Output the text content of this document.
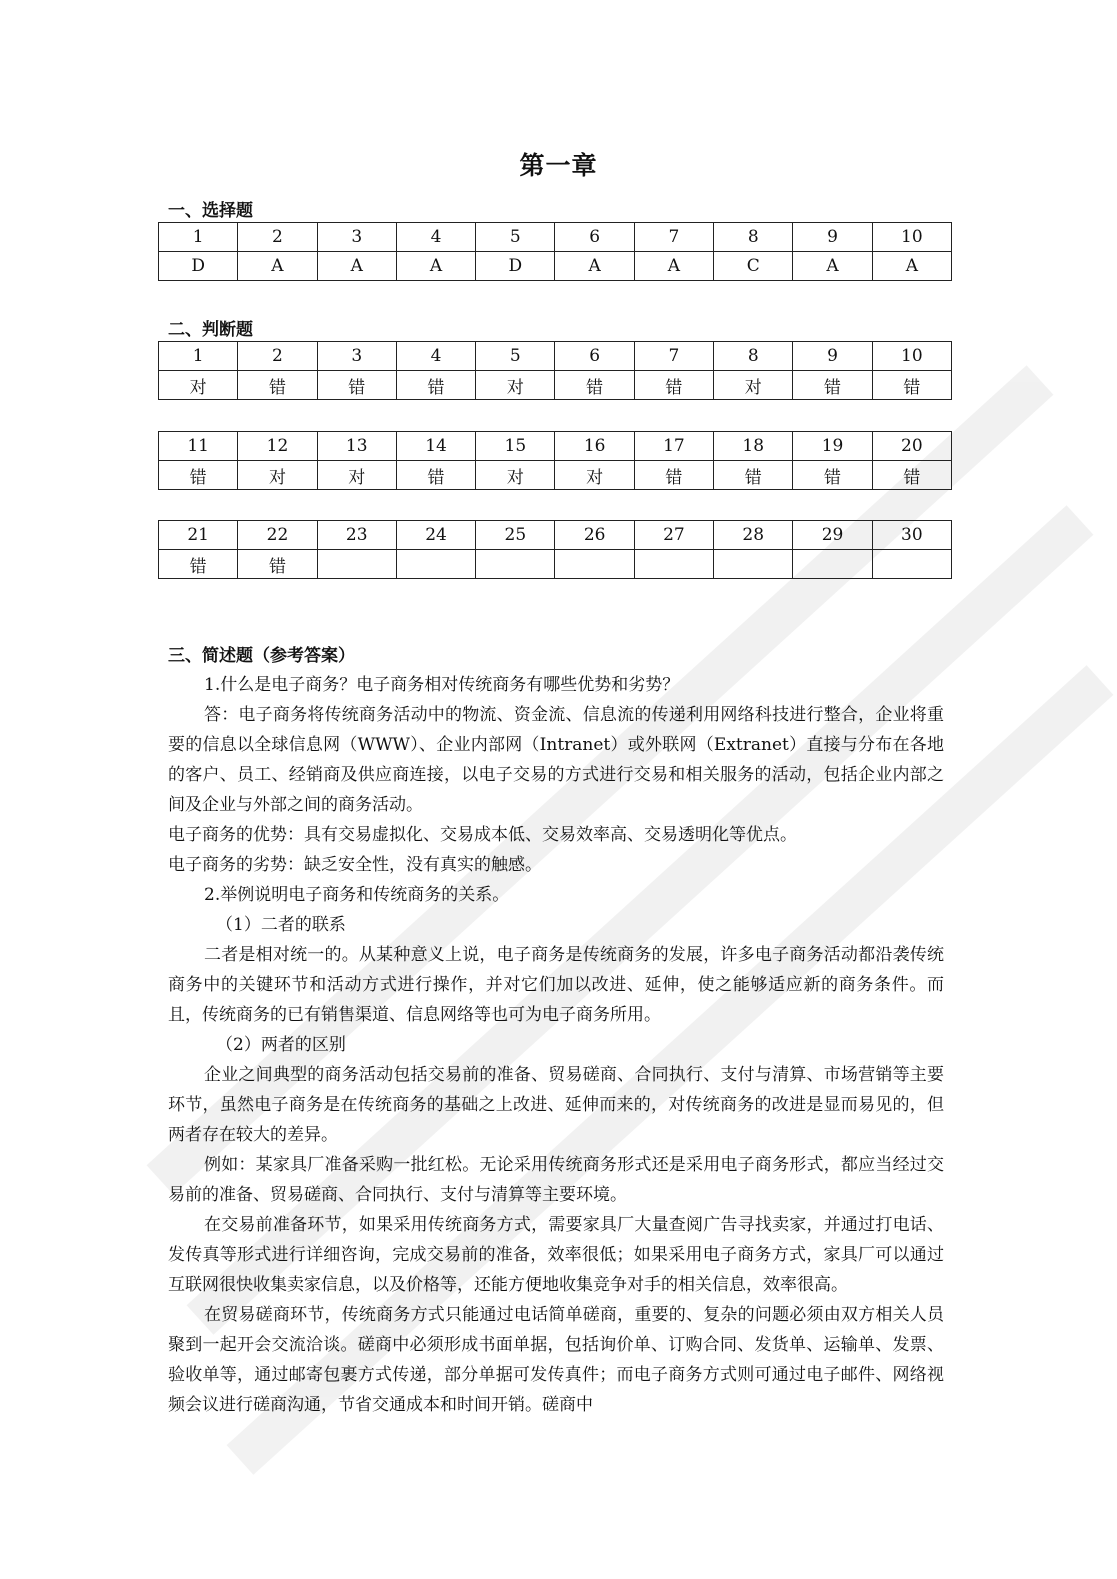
第一章
一、选择题
1	2	3	4	5	6	7	8	9	10
D	A	A	A	D	A	A	C	A	A
二、判断题
1	2	3	4	5	6	7	8	9	10
对	错	错	错	对	错	错	对	错	错
11	12	13	14	15	16	17	18	19	20
错	对	对	错	对	对	错	错	错	错
21	22	23	24	25	26	27	28	29	30
错	错								
三、简述题（参考答案）

1.什么是电子商务？电子商务相对传统商务有哪些优势和劣势？

答：电子商务将传统商务活动中的物流、资金流、信息流的传递利用网络科技进行整合，企业将重要的信息以全球信息网（WWW）、企业内部网（Intranet）或外联网（Extranet）直接与分布在各地的客户、员工、经销商及供应商连接，以电子交易的方式进行交易和相关服务的活动，包括企业内部之间及企业与外部之间的商务活动。

电子商务的优势：具有交易虚拟化、交易成本低、交易效率高、交易透明化等优点。

电子商务的劣势：缺乏安全性，没有真实的触感。

2.举例说明电子商务和传统商务的关系。

（1）二者的联系

二者是相对统一的。从某种意义上说，电子商务是传统商务的发展，许多电子商务活动都沿袭传统商务中的关键环节和活动方式进行操作，并对它们加以改进、延伸，使之能够适应新的商务条件。而且，传统商务的已有销售渠道、信息网络等也可为电子商务所用。

（2）两者的区别

企业之间典型的商务活动包括交易前的准备、贸易磋商、合同执行、支付与清算、市场营销等主要环节，虽然电子商务是在传统商务的基础之上改进、延伸而来的，对传统商务的改进是显而易见的，但两者存在较大的差异。

例如：某家具厂准备采购一批红松。无论采用传统商务形式还是采用电子商务形式，都应当经过交易前的准备、贸易磋商、合同执行、支付与清算等主要环境。

在交易前准备环节，如果采用传统商务方式，需要家具厂大量查阅广告寻找卖家，并通过打电话、发传真等形式进行详细咨询，完成交易前的准备，效率很低；如果采用电子商务方式，家具厂可以通过互联网很快收集卖家信息，以及价格等，还能方便地收集竞争对手的相关信息，效率很高。

在贸易磋商环节，传统商务方式只能通过电话简单磋商，重要的、复杂的问题必须由双方相关人员聚到一起开会交流洽谈。磋商中必须形成书面单据，包括询价单、订购合同、发货单、运输单、发票、验收单等，通过邮寄包裹方式传递，部分单据可发传真件；而电子商务方式则可通过电子邮件、网络视频会议进行磋商沟通，节省交通成本和时间开销。磋商中
